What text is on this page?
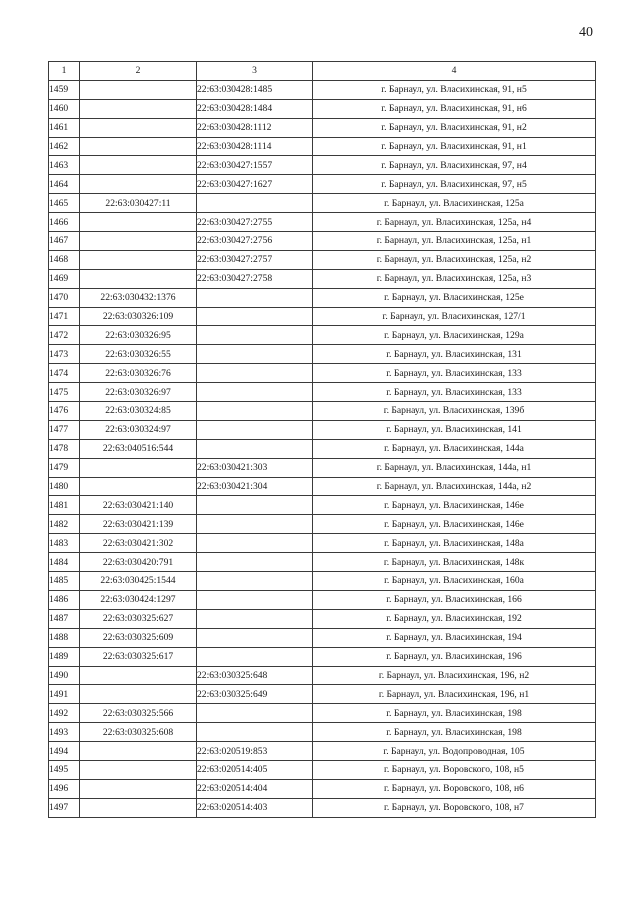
40
1	2	3	4
1459		22:63:030428:1485	г. Барнаул, ул. Власихинская, 91, н5
1460		22:63:030428:1484	г. Барнаул, ул. Власихинская, 91, н6
1461		22:63:030428:1112	г. Барнаул, ул. Власихинская, 91, н2
1462		22:63:030428:1114	г. Барнаул, ул. Власихинская, 91, н1
1463		22:63:030427:1557	г. Барнаул, ул. Власихинская, 97, н4
1464		22:63:030427:1627	г. Барнаул, ул. Власихинская, 97, н5
1465	22:63:030427:11		г. Барнаул, ул. Власихинская, 125а
1466		22:63:030427:2755	г. Барнаул, ул. Власихинская, 125а, н4
1467		22:63:030427:2756	г. Барнаул, ул. Власихинская, 125а, н1
1468		22:63:030427:2757	г. Барнаул, ул. Власихинская, 125а, н2
1469		22:63:030427:2758	г. Барнаул, ул. Власихинская, 125а, н3
1470	22:63:030432:1376		г. Барнаул, ул. Власихинская, 125е
1471	22:63:030326:109		г. Барнаул, ул. Власихинская, 127/1
1472	22:63:030326:95		г. Барнаул, ул. Власихинская, 129а
1473	22:63:030326:55		г. Барнаул, ул. Власихинская, 131
1474	22:63:030326:76		г. Барнаул, ул. Власихинская, 133
1475	22:63:030326:97		г. Барнаул, ул. Власихинская, 133
1476	22:63:030324:85		г. Барнаул, ул. Власихинская, 139б
1477	22:63:030324:97		г. Барнаул, ул. Власихинская, 141
1478	22:63:040516:544		г. Барнаул, ул. Власихинская, 144а
1479		22:63:030421:303	г. Барнаул, ул. Власихинская, 144а, н1
1480		22:63:030421:304	г. Барнаул, ул. Власихинская, 144а, н2
1481	22:63:030421:140		г. Барнаул, ул. Власихинская, 146е
1482	22:63:030421:139		г. Барнаул, ул. Власихинская, 146е
1483	22:63:030421:302		г. Барнаул, ул. Власихинская, 148а
1484	22:63:030420:791		г. Барнаул, ул. Власихинская, 148к
1485	22:63:030425:1544		г. Барнаул, ул. Власихинская, 160а
1486	22:63:030424:1297		г. Барнаул, ул. Власихинская, 166
1487	22:63:030325:627		г. Барнаул, ул. Власихинская, 192
1488	22:63:030325:609		г. Барнаул, ул. Власихинская, 194
1489	22:63:030325:617		г. Барнаул, ул. Власихинская, 196
1490		22:63:030325:648	г. Барнаул, ул. Власихинская, 196, н2
1491		22:63:030325:649	г. Барнаул, ул. Власихинская, 196, н1
1492	22:63:030325:566		г. Барнаул, ул. Власихинская, 198
1493	22:63:030325:608		г. Барнаул, ул. Власихинская, 198
1494		22:63:020519:853	г. Барнаул, ул. Водопроводная, 105
1495		22:63:020514:405	г. Барнаул, ул. Воровского, 108, н5
1496		22:63:020514:404	г. Барнаул, ул. Воровского, 108, н6
1497		22:63:020514:403	г. Барнаул, ул. Воровского, 108, н7
